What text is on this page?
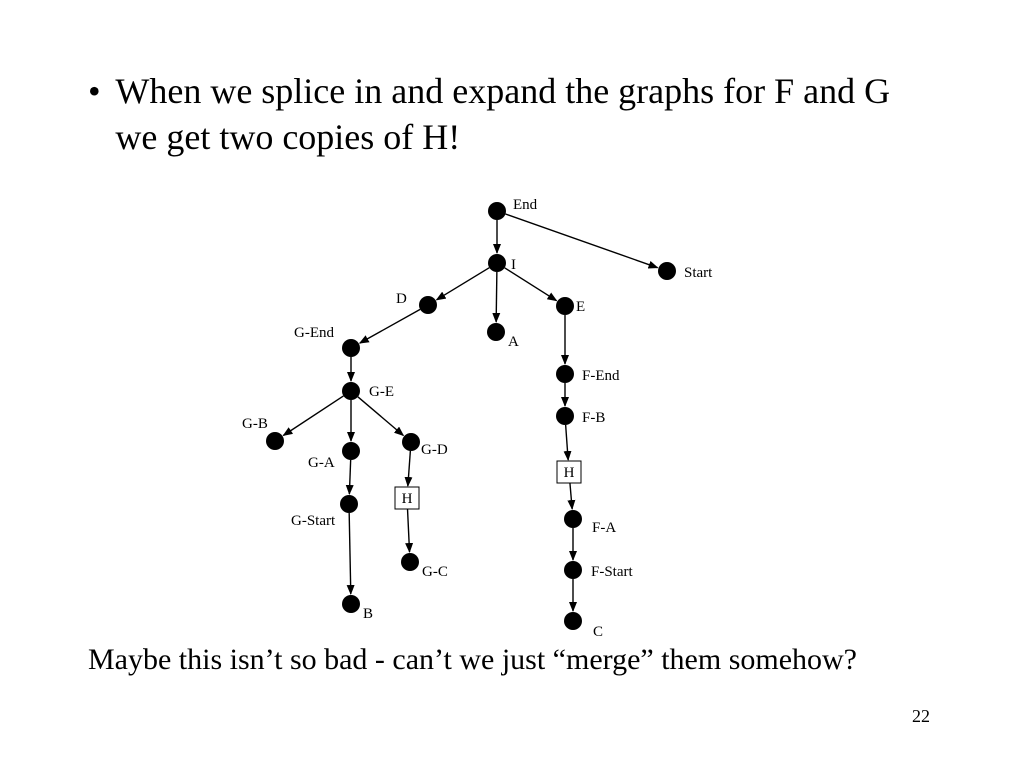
• When we splice in and expand the graphs for F and G we get two copies of H!
End
Start
I
D	E
A
G-End
G-E
G-B
G-A
G-D
G-Start
H
G-C
B
F-End
F-B
H
F-A
F-Start
C
Maybe this isn’t so bad - can’t we just “merge” them somehow?
22
